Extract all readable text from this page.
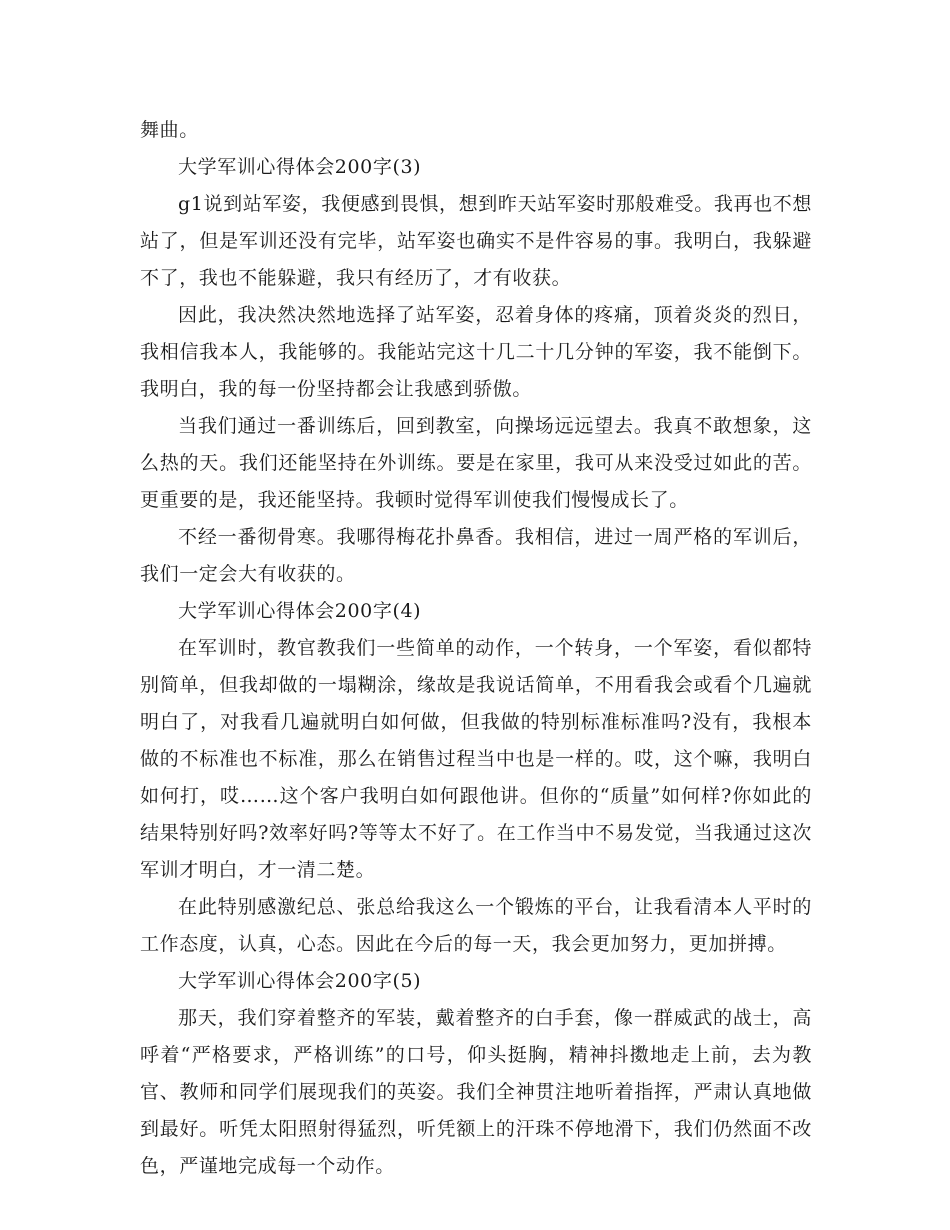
舞曲。

大学军训心得体会200字(3)

g1说到站军姿，我便感到畏惧，想到昨天站军姿时那般难受。我再也不想站了，但是军训还没有完毕，站军姿也确实不是件容易的事。我明白，我躲避不了，我也不能躲避，我只有经历了，才有收获。

因此，我决然决然地选择了站军姿，忍着身体的疼痛，顶着炎炎的烈日，我相信我本人，我能够的。我能站完这十几二十几分钟的军姿，我不能倒下。我明白，我的每一份坚持都会让我感到骄傲。

当我们通过一番训练后，回到教室，向操场远远望去。我真不敢想象，这么热的天。我们还能坚持在外训练。要是在家里，我可从来没受过如此的苦。更重要的是，我还能坚持。我顿时觉得军训使我们慢慢成长了。

不经一番彻骨寒。我哪得梅花扑鼻香。我相信，进过一周严格的军训后，我们一定会大有收获的。

大学军训心得体会200字(4)

在军训时，教官教我们一些简单的动作，一个转身，一个军姿，看似都特别简单，但我却做的一塌糊涂，缘故是我说话简单，不用看我会或看个几遍就明白了，对我看几遍就明白如何做，但我做的特别标准标准吗?没有，我根本做的不标准也不标准，那么在销售过程当中也是一样的。哎，这个嘛，我明白如何打，哎……这个客户我明白如何跟他讲。但你的“质量”如何样?你如此的结果特别好吗?效率好吗?等等太不好了。在工作当中不易发觉，当我通过这次军训才明白，才一清二楚。

在此特别感激纪总、张总给我这么一个锻炼的平台，让我看清本人平时的工作态度，认真，心态。因此在今后的每一天，我会更加努力，更加拼搏。

大学军训心得体会200字(5)

那天，我们穿着整齐的军装，戴着整齐的白手套，像一群威武的战士，高呼着“严格要求，严格训练”的口号，仰头挺胸，精神抖擞地走上前，去为教官、教师和同学们展现我们的英姿。我们全神贯注地听着指挥，严肃认真地做到最好。听凭太阳照射得猛烈，听凭额上的汗珠不停地滑下，我们仍然面不改色，严谨地完成每一个动作。
